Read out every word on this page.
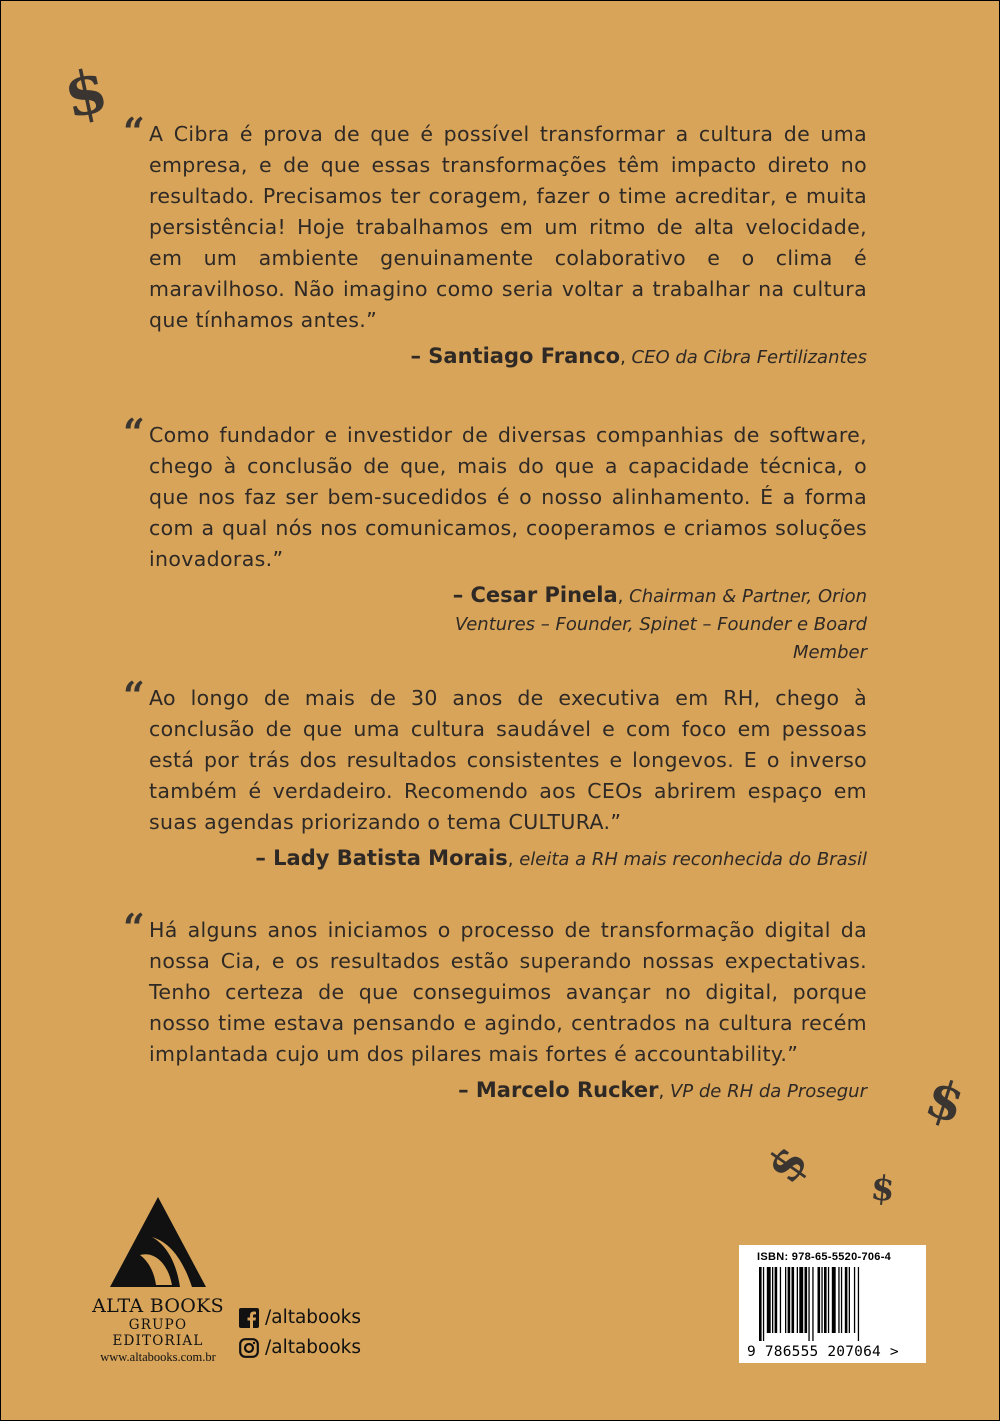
$
$
$ $
“ A Cibra é prova de que é possível transformar a cultura de uma empresa, e de que essas transformações têm impacto direto no resultado. Precisamos ter coragem, fazer o time acreditar, e muita persistência! Hoje trabalhamos em um ritmo de alta velocidade, em um ambiente genuinamente colaborativo e o clima é maravilhoso. Não imagino como seria voltar a trabalhar na cultura que tínhamos antes.”

– Santiago Franco, CEO da Cibra Fertilizantes
“ Como fundador e investidor de diversas companhias de software, chego à conclusão de que, mais do que a capacidade técnica, o que nos faz ser bem-sucedidos é o nosso alinhamento. É a forma com a qual nós nos comunicamos, cooperamos e criamos soluções inovadoras.”

– Cesar Pinela, Chairman & Partner, Orion Ventures – Founder, Spinet – Founder e Board Member
“ Ao longo de mais de 30 anos de executiva em RH, chego à conclusão de que uma cultura saudável e com foco em pessoas está por trás dos resultados consistentes e longevos. E o inverso também é verdadeiro. Recomendo aos CEOs abrirem espaço em suas agendas priorizando o tema CULTURA.”

– Lady Batista Morais, eleita a RH mais reconhecida do Brasil
“ Há alguns anos iniciamos o processo de transformação digital da nossa Cia, e os resultados estão superando nossas expectativas. Tenho certeza de que conseguimos avançar no digital, porque nosso time estava pensando e agindo, centrados na cultura recém implantada cujo um dos pilares mais fortes é accountability.”

– Marcelo Rucker, VP de RH da Prosegur
ALTA BOOKS
GRUPO EDITORIAL
www.altabooks.com.br
/altabooks
/altabooks
ISBN: 978-65-5520-706-4
9 786555 207064 >
